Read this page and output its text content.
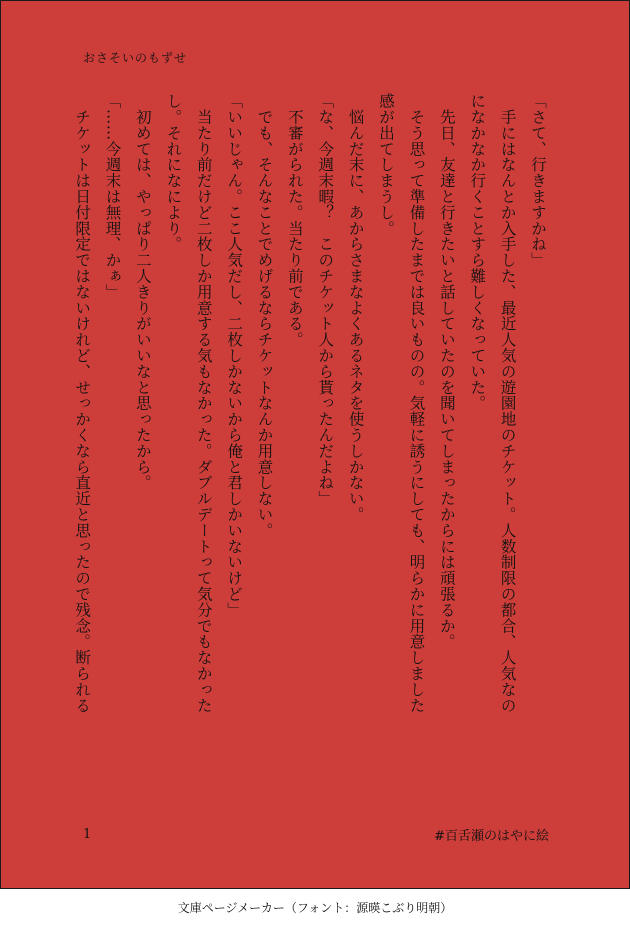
おさそいのもずせ
「さて、行きますかね」
　手にはなんとか入手した、最近人気の遊園地のチケット。人数制限の都合、人気なの
になかなか行くことすら難しくなっていた。
　先日、友達と行きたいと話していたのを聞いてしまったからには頑張るか。
　そう思って準備したまでは良いものの。気軽に誘うにしても、明らかに用意しました
感が出てしまうし。
　悩んだ末に、あからさまなよくあるネタを使うしかない。
「な、今週末暇？　このチケット人から貰ったんだよね」
　不審がられた。当たり前である。
　でも、そんなことでめげるならチケットなんか用意しない。
「いいじゃん。ここ人気だし、二枚しかないから俺と君しかいないけど」
　当たり前だけど二枚しか用意する気もなかった。ダブルデートって気分でもなかった
し。それになにより。
　初めては、やっぱり二人きりがいいなと思ったから。
「……今週末は無理、かぁ」
　チケットは日付限定ではないけれど、せっかくなら直近と思ったので残念。断られる
1	#百舌瀬のはやに絵
文庫ページメーカー（フォント：源暎こぶり明朝）
